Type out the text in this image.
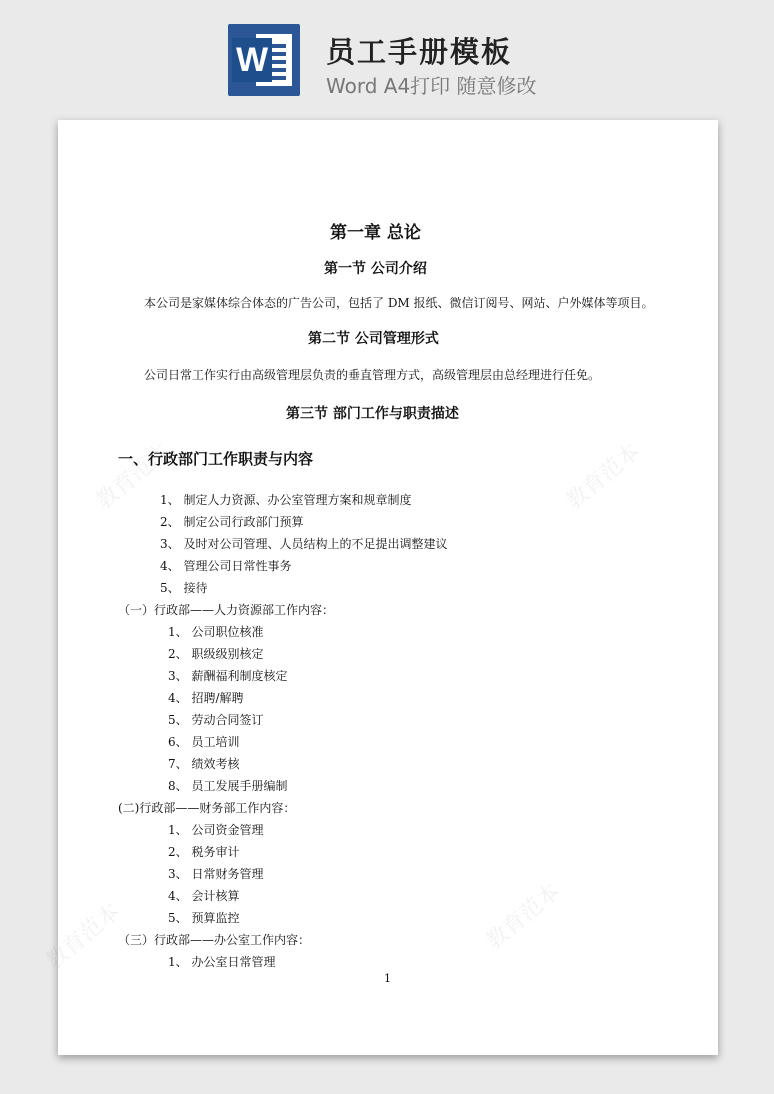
W 员工手册模板
Word A4打印 随意修改
教育范本
教育范本
教育范本
教育范本
第一章 总论
第一节 公司介绍
本公司是家媒体综合体态的广告公司，包括了 DM 报纸、微信订阅号、网站、户外媒体等项目。
第二节 公司管理形式
公司日常工作实行由高级管理层负责的垂直管理方式，高级管理层由总经理进行任免。
第三节 部门工作与职责描述
一、行政部门工作职责与内容
1、 制定人力资源、办公室管理方案和规章制度
2、 制定公司行政部门预算
3、 及时对公司管理、人员结构上的不足提出调整建议
4、 管理公司日常性事务
5、 接待
（一）行政部——人力资源部工作内容：
1、 公司职位核准
2、 职级级别核定
3、 薪酬福利制度核定
4、 招聘/解聘
5、 劳动合同签订
6、 员工培训
7、 绩效考核
8、 员工发展手册编制
(二)行政部——财务部工作内容：
1、 公司资金管理
2、 税务审计
3、 日常财务管理
4、 会计核算
5、 预算监控
（三）行政部——办公室工作内容：
1、 办公室日常管理
1
